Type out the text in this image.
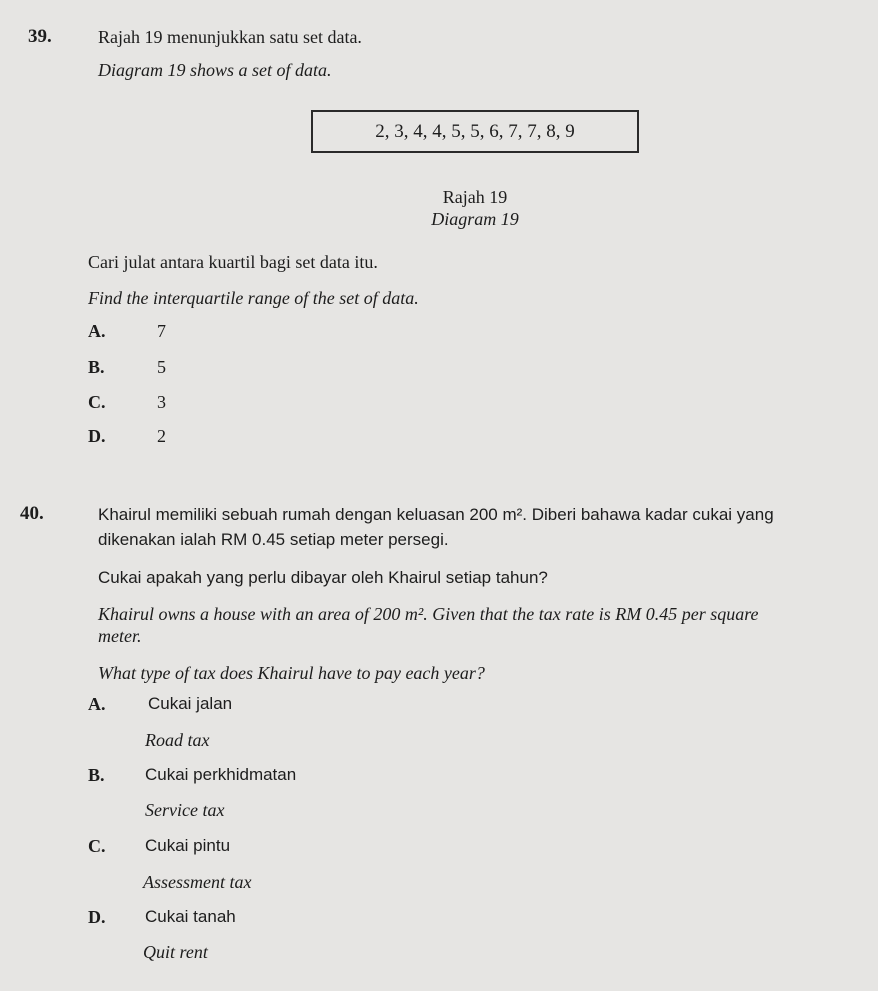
39.	Rajah 19 menunjukkan satu set data.
Diagram 19 shows a set of data.
2, 3, 4, 4, 5, 5, 6, 7, 7, 8, 9
Rajah 19
Diagram 19
Cari julat antara kuartil bagi set data itu.
Find the interquartile range of the set of data.
A.	7
B.	5
C.	3
D.	2
40.	Khairul memiliki sebuah rumah dengan keluasan 200 m². Diberi bahawa kadar cukai yang
dikenakan ialah RM 0.45 setiap meter persegi.
Cukai apakah yang perlu dibayar oleh Khairul setiap tahun?
Khairul owns a house with an area of 200 m². Given that the tax rate is RM 0.45 per square
meter.
What type of tax does Khairul have to pay each year?
A.	Cukai jalan
Road tax
B. Cukai perkhidmatan
Service tax
C. Cukai pintu
Assessment tax
D. Cukai tanah
Quit rent
